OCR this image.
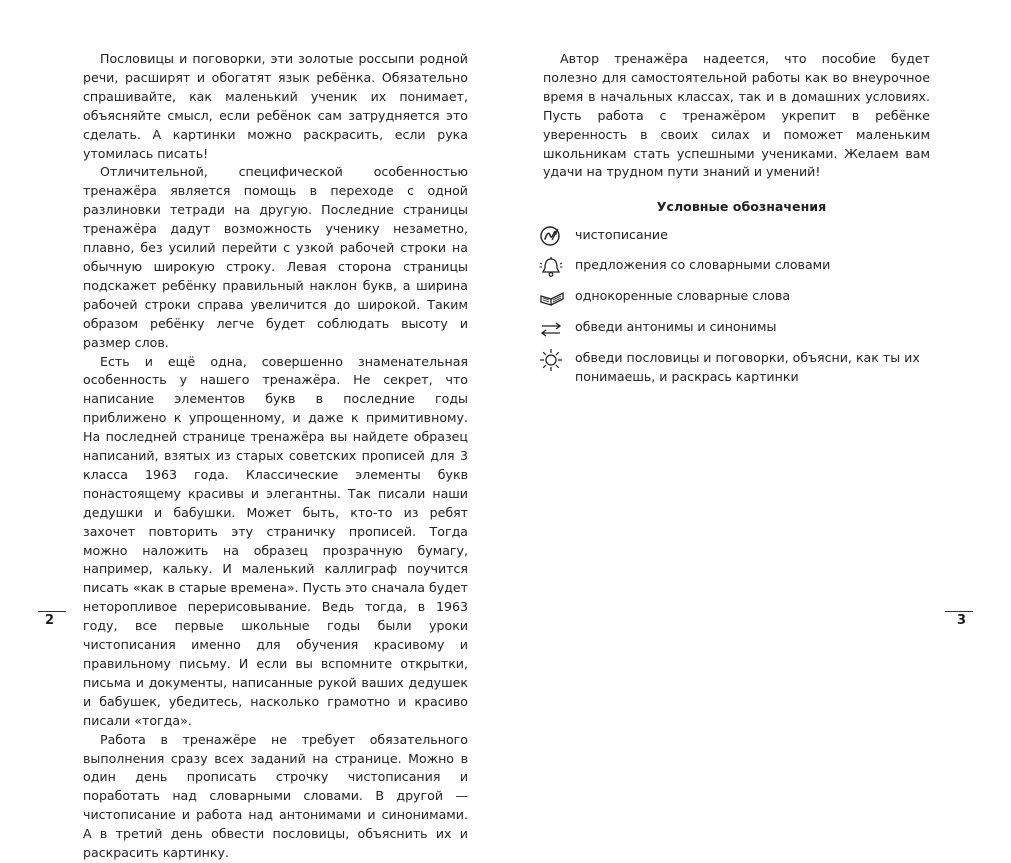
Пословицы и поговорки, эти золотые россыпи родной речи, расширят и обогатят язык ребёнка. Обязательно спрашивайте, как маленький ученик их понимает, объясняйте смысл, если ребёнок сам затрудняется это сделать. А картинки можно раскрасить, если рука утомилась писать!

Отличительной, специфической особенностью тренажёра является помощь в переходе с одной разлиновки тетради на другую. Последние страницы тренажёра дадут возможность ученику незаметно, плавно, без усилий перейти с узкой рабочей строки на обычную широкую строку. Левая сторона страницы подскажет ребёнку правильный наклон букв, а ширина рабочей строки справа увеличится до широкой. Таким образом ребёнку легче будет соблюдать высоту и размер слов.

Есть и ещё одна, совершенно знаменательная особенность у нашего тренажёра. Не секрет, что написание элементов букв в последние годы приближено к упрощенному, и даже к примитивному. На последней странице тренажёра вы найдете образец написаний, взятых из старых советских прописей для 3 класса 1963 года. Классические элементы букв понастоящему красивы и элегантны. Так писали наши дедушки и бабушки. Может быть, кто-то из ребят захочет повторить эту страничку прописей. Тогда можно наложить на образец прозрачную бумагу, например, кальку. И маленький каллиграф поучится писать «как в старые времена». Пусть это сначала будет неторопливое перерисовывание. Ведь тогда, в 1963 году, все первые школьные годы были уроки чистописания именно для обучения красивому и правильному письму. И если вы вспомните открытки, письма и документы, написанные рукой ваших дедушек и бабушек, убедитесь, насколько грамотно и красиво писали «тогда».

Работа в тренажёре не требует обязательного выполнения сразу всех заданий на странице. Можно в один день прописать строчку чистописания и поработать над словарными словами. В другой — чистописание и работа над антонимами и синонимами. А в третий день обвести пословицы, объяснить их и раскрасить картинку.

Автор тренажёра надеется, что пособие будет полезно для самостоятельной работы как во внеурочное время в начальных классах, так и в домашних условиях. Пусть работа с тренажёром укрепит в ребёнке уверенность в своих силах и поможет маленьким школьникам стать успешными учениками. Желаем вам удачи на трудном пути знаний и умений!

Условные обозначения
чистописание
предложения со словарными словами
однокоренные словарные слова
обведи антонимы и синонимы
обведи пословицы и поговорки, объясни, как ты их понимаешь, и раскрась картинки
2	3
